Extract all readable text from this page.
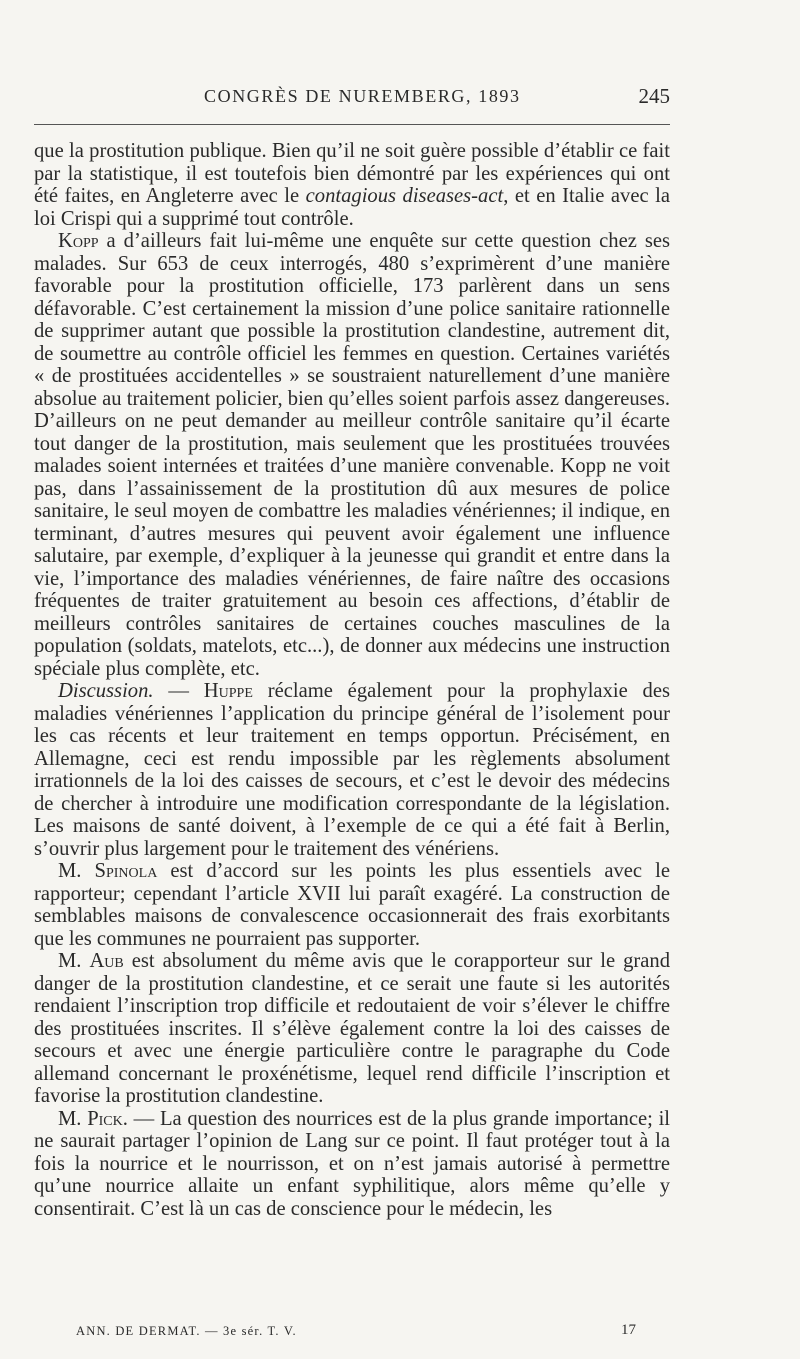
CONGRÈS DE NUREMBERG, 1893	245

que la prostitution publique. Bien qu’il ne soit guère possible d’établir ce fait par la statistique, il est toutefois bien démontré par les expériences qui ont été faites, en Angleterre avec le contagious diseases-act, et en Italie avec la loi Crispi qui a supprimé tout contrôle.

Kopp a d’ailleurs fait lui-même une enquête sur cette question chez ses malades. Sur 653 de ceux interrogés, 480 s’exprimèrent d’une manière favorable pour la prostitution officielle, 173 parlèrent dans un sens défavorable. C’est certainement la mission d’une police sanitaire rationnelle de supprimer autant que possible la prostitution clandestine, autrement dit, de soumettre au contrôle officiel les femmes en question. Certaines variétés « de prostituées accidentelles » se soustraient naturellement d’une manière absolue au traitement policier, bien qu’elles soient parfois assez dangereuses. D’ailleurs on ne peut demander au meilleur contrôle sanitaire qu’il écarte tout danger de la prostitution, mais seulement que les prostituées trouvées malades soient internées et traitées d’une manière convenable. Kopp ne voit pas, dans l’assainissement de la prostitution dû aux mesures de police sanitaire, le seul moyen de combattre les maladies vénériennes; il indique, en terminant, d’autres mesures qui peuvent avoir également une influence salutaire, par exemple, d’expliquer à la jeunesse qui grandit et entre dans la vie, l’importance des maladies vénériennes, de faire naître des occasions fréquentes de traiter gratuitement au besoin ces affections, d’établir de meilleurs contrôles sanitaires de certaines couches masculines de la population (soldats, matelots, etc...), de donner aux médecins une instruction spéciale plus complète, etc.

Discussion. — Huppe réclame également pour la prophylaxie des maladies vénériennes l’application du principe général de l’isolement pour les cas récents et leur traitement en temps opportun. Précisément, en Allemagne, ceci est rendu impossible par les règlements absolument irrationnels de la loi des caisses de secours, et c’est le devoir des médecins de chercher à introduire une modification correspondante de la législation. Les maisons de santé doivent, à l’exemple de ce qui a été fait à Berlin, s’ouvrir plus largement pour le traitement des vénériens.

M. Spinola est d’accord sur les points les plus essentiels avec le rapporteur; cependant l’article XVII lui paraît exagéré. La construction de semblables maisons de convalescence occasionnerait des frais exorbitants que les communes ne pourraient pas supporter.

M. Aub est absolument du même avis que le corapporteur sur le grand danger de la prostitution clandestine, et ce serait une faute si les autorités rendaient l’inscription trop difficile et redoutaient de voir s’élever le chiffre des prostituées inscrites. Il s’élève également contre la loi des caisses de secours et avec une énergie particulière contre le paragraphe du Code allemand concernant le proxénétisme, lequel rend difficile l’inscription et favorise la prostitution clandestine.

M. Pick. — La question des nourrices est de la plus grande importance; il ne saurait partager l’opinion de Lang sur ce point. Il faut protéger tout à la fois la nourrice et le nourrisson, et on n’est jamais autorisé à permettre qu’une nourrice allaite un enfant syphilitique, alors même qu’elle y consentirait. C’est là un cas de conscience pour le médecin, les

ANN. DE DERMAT. — 3e sér. T. V.	17
